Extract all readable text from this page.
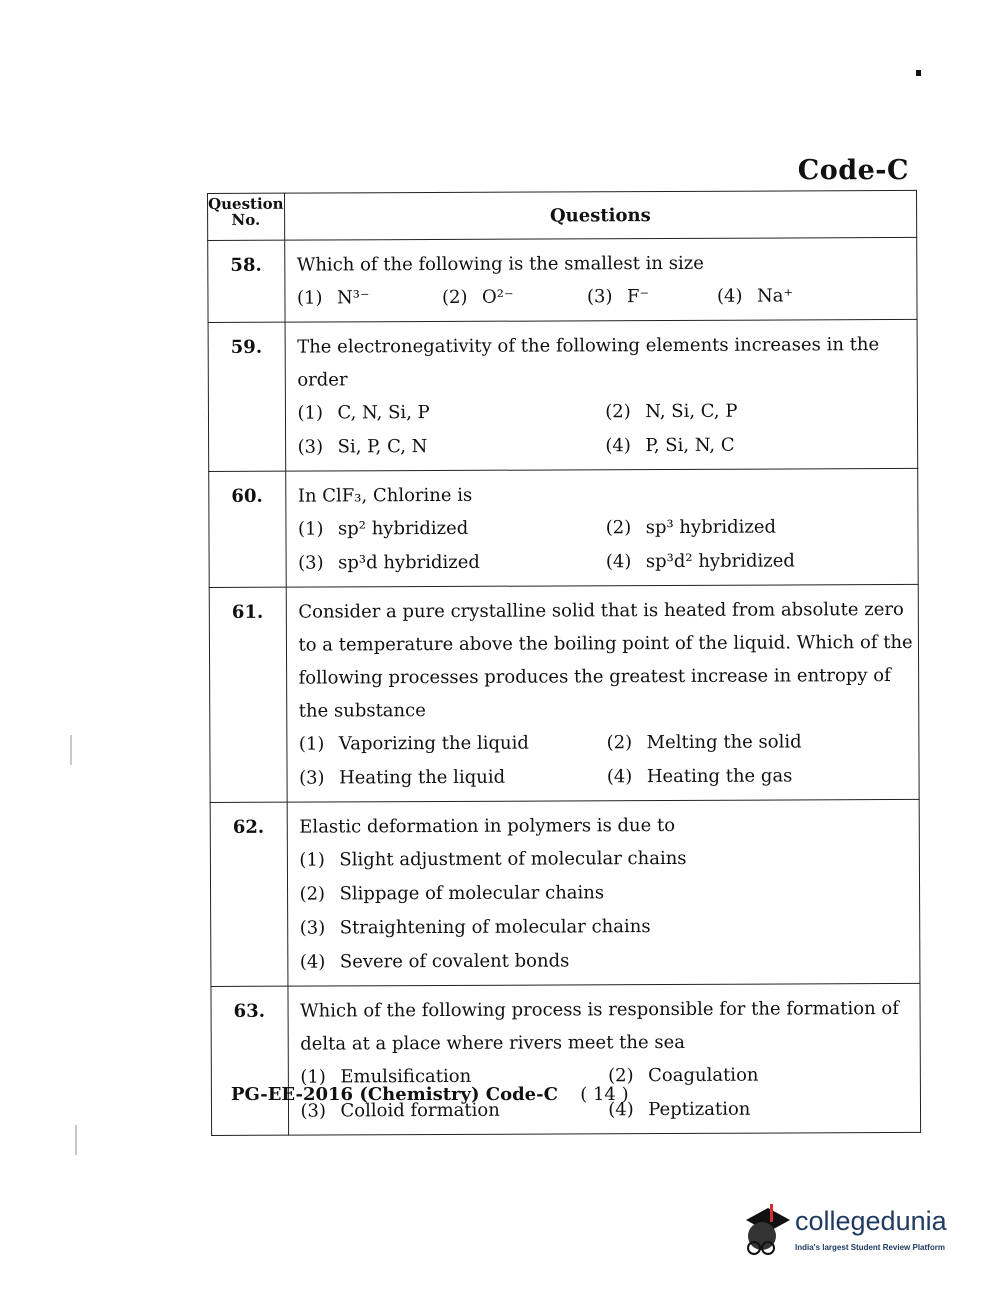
Code-C
Question No.	Questions
58.	Which of the following is the smallest in size
(1) N³⁻ (2) O²⁻ (3) F⁻ (4) Na⁺

59.	The electronegativity of the following elements increases in the order
(1) C, N, Si, P (2) N, Si, C, P
(3) Si, P, C, N (4) P, Si, N, C

60.	In ClF₃, Chlorine is
(1) sp² hybridized (2) sp³ hybridized
(3) sp³d hybridized (4) sp³d² hybridized

61.	Consider a pure crystalline solid that is heated from absolute zero to a temperature above the boiling point of the liquid. Which of the following processes produces the greatest increase in entropy of the substance
(1) Vaporizing the liquid (2) Melting the solid
(3) Heating the liquid (4) Heating the gas

62.	Elastic deformation in polymers is due to
(1) Slight adjustment of molecular chains
(2) Slippage of molecular chains
(3) Straightening of molecular chains
(4) Severe of covalent bonds

63.	Which of the following process is responsible for the formation of delta at a place where rivers meet the sea
(1) Emulsification (2) Coagulation
(3) Colloid formation (4) Peptization
PG-EE-2016 (Chemistry) Code-C ( 14 )
collegedunia
India's largest Student Review Platform
